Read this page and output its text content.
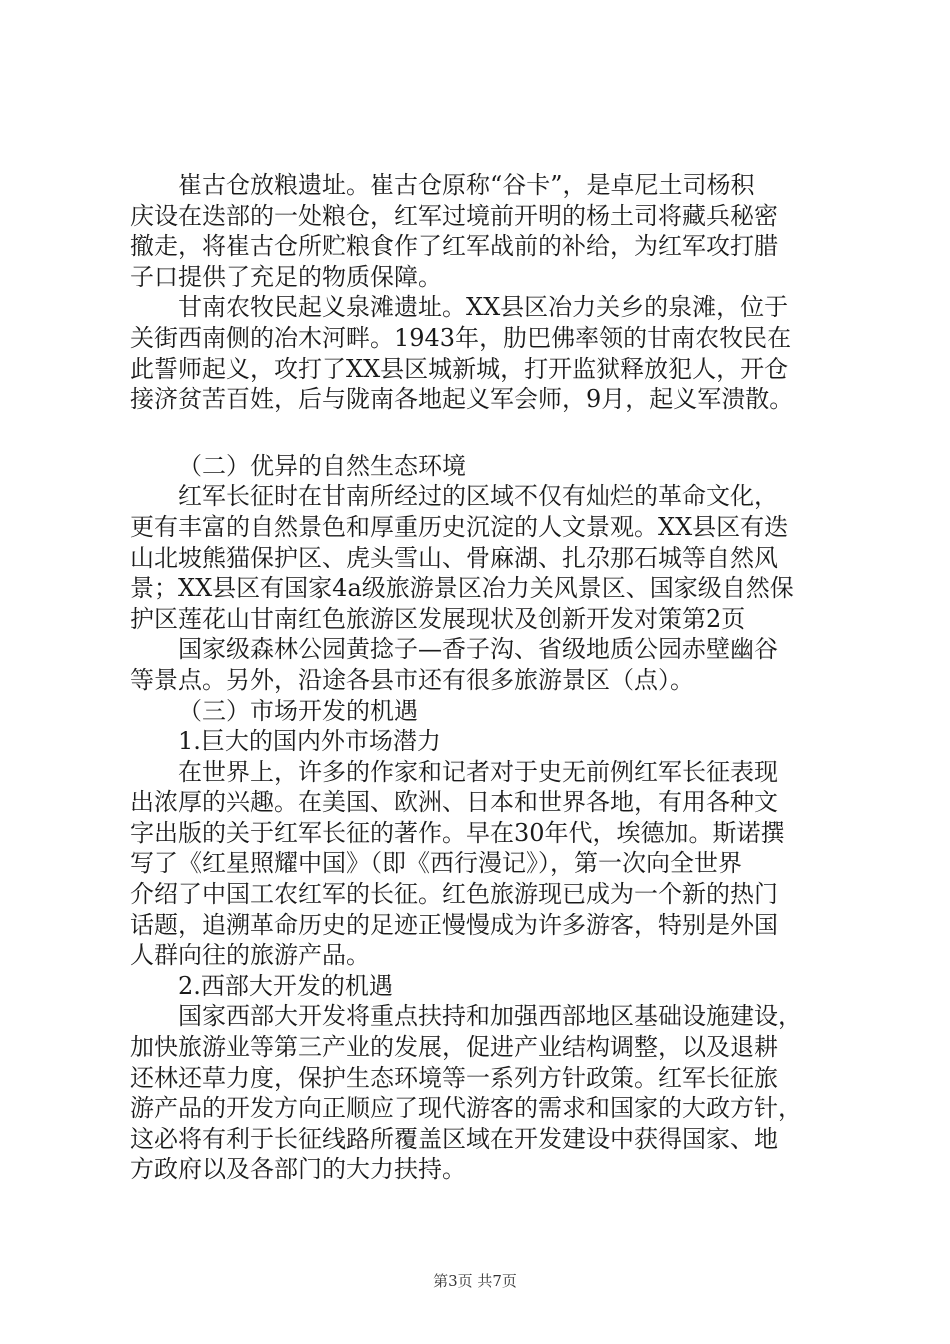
崔古仓放粮遗址。崔古仓原称“谷卡”，是卓尼土司杨积
庆设在迭部的一处粮仓，红军过境前开明的杨土司将藏兵秘密
撤走，将崔古仓所贮粮食作了红军战前的补给，为红军攻打腊
子口提供了充足的物质保障。
甘南农牧民起义泉滩遗址。XX县区冶力关乡的泉滩，位于
关街西南侧的冶木河畔。1943年，肋巴佛率领的甘南农牧民在
此誓师起义，攻打了XX县区城新城，打开监狱释放犯人，开仓
接济贫苦百姓，后与陇南各地起义军会师，9月，起义军溃散。
（二）优异的自然生态环境
红军长征时在甘南所经过的区域不仅有灿烂的革命文化，
更有丰富的自然景色和厚重历史沉淀的人文景观。XX县区有迭
山北坡熊猫保护区、虎头雪山、骨麻湖、扎尕那石城等自然风
景；XX县区有国家4a级旅游景区冶力关风景区、国家级自然保
护区莲花山甘南红色旅游区发展现状及创新开发对策第2页
国家级森林公园黄捻子—香子沟、省级地质公园赤壁幽谷
等景点。另外，沿途各县市还有很多旅游景区（点）。
（三）市场开发的机遇
1.巨大的国内外市场潜力
在世界上，许多的作家和记者对于史无前例红军长征表现
出浓厚的兴趣。在美国、欧洲、日本和世界各地，有用各种文
字出版的关于红军长征的著作。早在30年代，埃德加。斯诺撰
写了《红星照耀中国》（即《西行漫记》），第一次向全世界
介绍了中国工农红军的长征。红色旅游现已成为一个新的热门
话题，追溯革命历史的足迹正慢慢成为许多游客，特别是外国
人群向往的旅游产品。
2.西部大开发的机遇
国家西部大开发将重点扶持和加强西部地区基础设施建设，
加快旅游业等第三产业的发展，促进产业结构调整，以及退耕
还林还草力度，保护生态环境等一系列方针政策。红军长征旅
游产品的开发方向正顺应了现代游客的需求和国家的大政方针，
这必将有利于长征线路所覆盖区域在开发建设中获得国家、地
方政府以及各部门的大力扶持。
第3页 共7页
